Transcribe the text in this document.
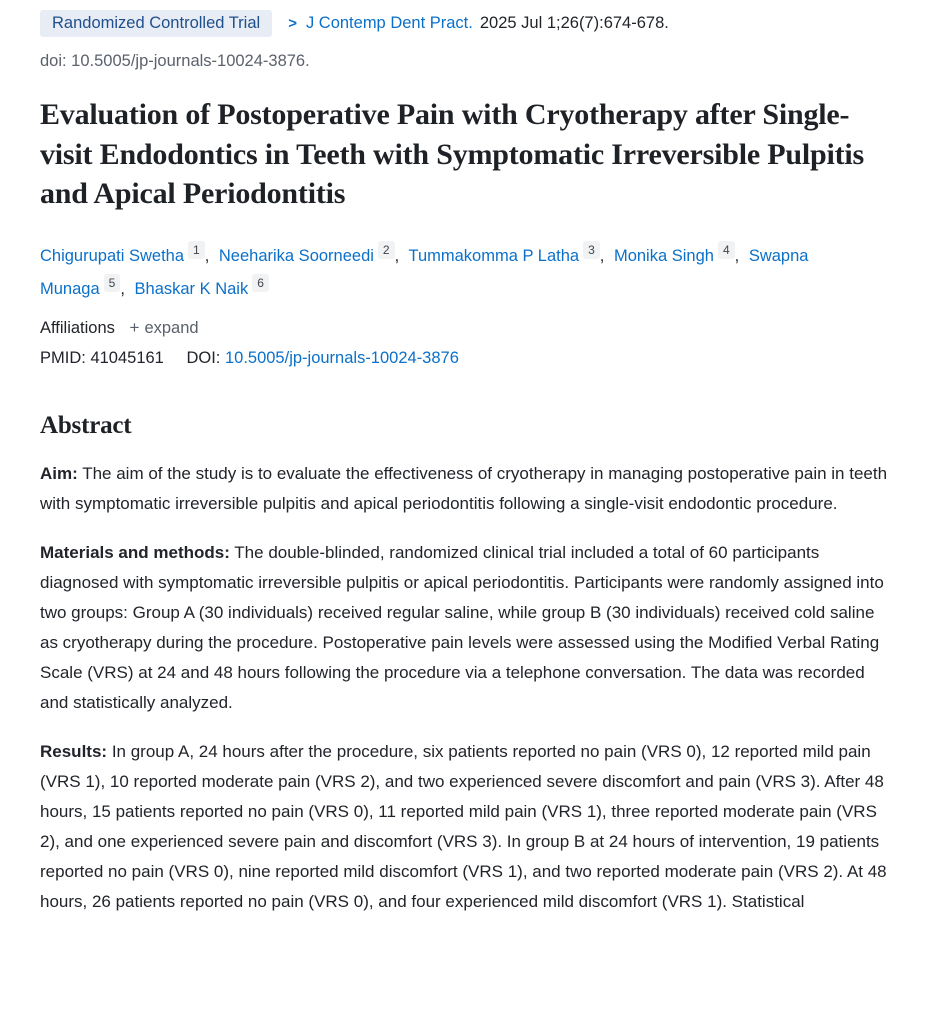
Randomized Controlled Trial	> J Contemp Dent Pract. 2025 Jul 1;26(7):674-678.
doi: 10.5005/jp-journals-10024-3876.
Evaluation of Postoperative Pain with Cryotherapy after Single-visit Endodontics in Teeth with Symptomatic Irreversible Pulpitis and Apical Periodontitis
Chigurupati Swetha 1 , Neeharika Soorneedi 2 , Tummakomma P Latha 3 , Monika Singh 4 , Swapna Munaga 5 , Bhaskar K Naik 6
Affiliations + expand
PMID: 41045161 DOI: 10.5005/jp-journals-10024-3876
Abstract

Aim: The aim of the study is to evaluate the effectiveness of cryotherapy in managing postoperative pain in teeth with symptomatic irreversible pulpitis and apical periodontitis following a single-visit endodontic procedure.

Materials and methods: The double-blinded, randomized clinical trial included a total of 60 participants diagnosed with symptomatic irreversible pulpitis or apical periodontitis. Participants were randomly assigned into two groups: Group A (30 individuals) received regular saline, while group B (30 individuals) received cold saline as cryotherapy during the procedure. Postoperative pain levels were assessed using the Modified Verbal Rating Scale (VRS) at 24 and 48 hours following the procedure via a telephone conversation. The data was recorded and statistically analyzed.

Results: In group A, 24 hours after the procedure, six patients reported no pain (VRS 0), 12 reported mild pain (VRS 1), 10 reported moderate pain (VRS 2), and two experienced severe discomfort and pain (VRS 3). After 48 hours, 15 patients reported no pain (VRS 0), 11 reported mild pain (VRS 1), three reported moderate pain (VRS 2), and one experienced severe pain and discomfort (VRS 3). In group B at 24 hours of intervention, 19 patients reported no pain (VRS 0), nine reported mild discomfort (VRS 1), and two reported moderate pain (VRS 2). At 48 hours, 26 patients reported no pain (VRS 0), and four experienced mild discomfort (VRS 1). Statistical
